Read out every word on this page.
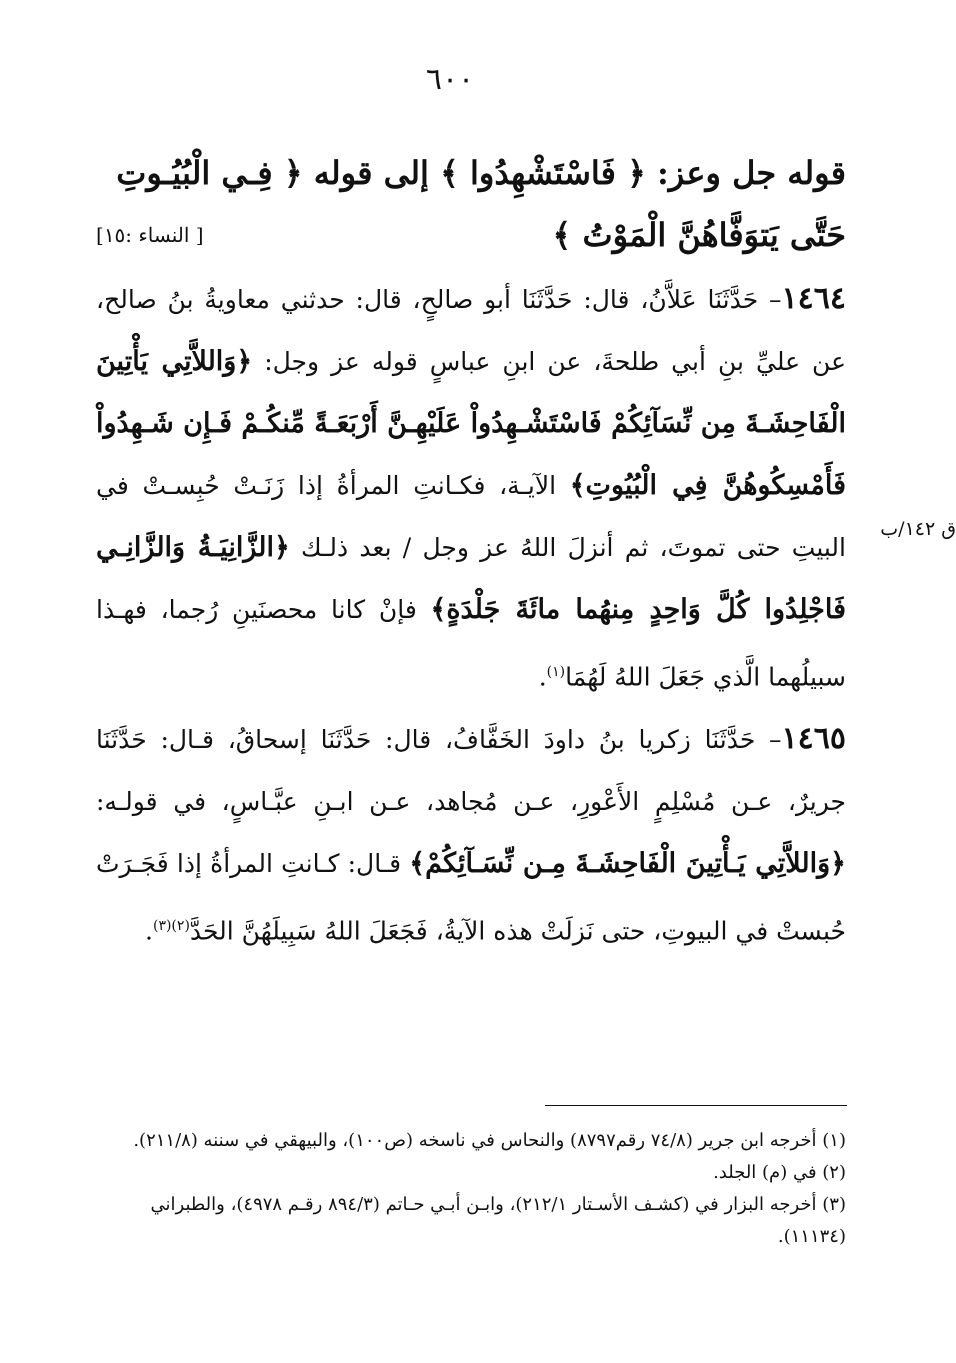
٦٠٠
قوله جل وعز: ﴿ فَاسْتَشْهِدُوا ﴾ إلى قوله ﴿ فِـي الْبُيُـوتِ حَتَّى يَتوَفَّاهُنَّ الْمَوْتُ ﴾
[ النساء :١٥]
ق ١٤٢/ب

١٤٦٤– حَدَّثَنَا عَلاَّنُ، قال: حَدَّثَنَا أبو صالحٍ، قال: حدثني معاويةُ بنُ صالح، عن عليِّ بنِ أبي طلحةَ، عن ابنِ عباسٍ قوله عز وجل: ﴿وَاللاَّتِي يَأْتِينَ الْفَاحِشَـةَ مِن نِّسَآئِكُمْ فَاسْتَشْـهِدُواْ عَلَيْهِـنَّ أَرْبَعَـةً مِّنكُـمْ فَـإِن شَـهِدُواْ فَأَمْسِكُوهُنَّ فِي الْبُيُوتِ﴾ الآيـة، فكـانتِ المرأةُ إذا زَنَـتْ حُبِسـتْ في البيتِ حتى تموتَ، ثم أنزلَ اللهُ عز وجل / بعد ذلـك ﴿الزَّانِيَـةُ وَالزَّانِـي فَاجْلِدُوا كُلَّ وَاحِدٍ مِنهُما مائَةَ جَلْدَةٍ﴾ فإنْ كانا محصنَينِ رُجما، فهـذا سبيلُهما الَّذي جَعَلَ اللهُ لَهُمَا$^{(١)}$.

١٤٦٥– حَدَّثَنَا زكريا بنُ داودَ الخَفَّافُ، قال: حَدَّثَنَا إسحاقُ، قـال: حَدَّثَنَا جريرٌ، عـن مُسْلِمٍ الأَعْورِ، عـن مُجاهد، عـن ابـنِ عبَّـاسٍ، في قولـه: ﴿وَاللاَّتِي يَـأْتِينَ الْفَاحِشَـةَ مِـن نِّسَـآئِكُمْ﴾ قـال: كـانتِ المرأةُ إذا فَجَـرَتْ حُبستْ في البيوتِ، حتى نَزلَتْ هذه الآيةُ، فَجَعَلَ اللهُ سَبِيلَهُنَّ الحَدَّ$^{(٢)(٣)}$.

(١) أخرجه ابن جرير (٧٤/٨ رقم٨٧٩٧) والنحاس في ناسخه (ص١٠٠)، والبيهقي في سننه (٢١١/٨).

(٢) في (م) الجلد.

(٣) أخرجه البزار في (كشـف الأسـتار ٢١٢/١)، وابـن أبـي حـاتم (٨٩٤/٣ رقـم ٤٩٧٨)، والطبراني (١١١٣٤).
